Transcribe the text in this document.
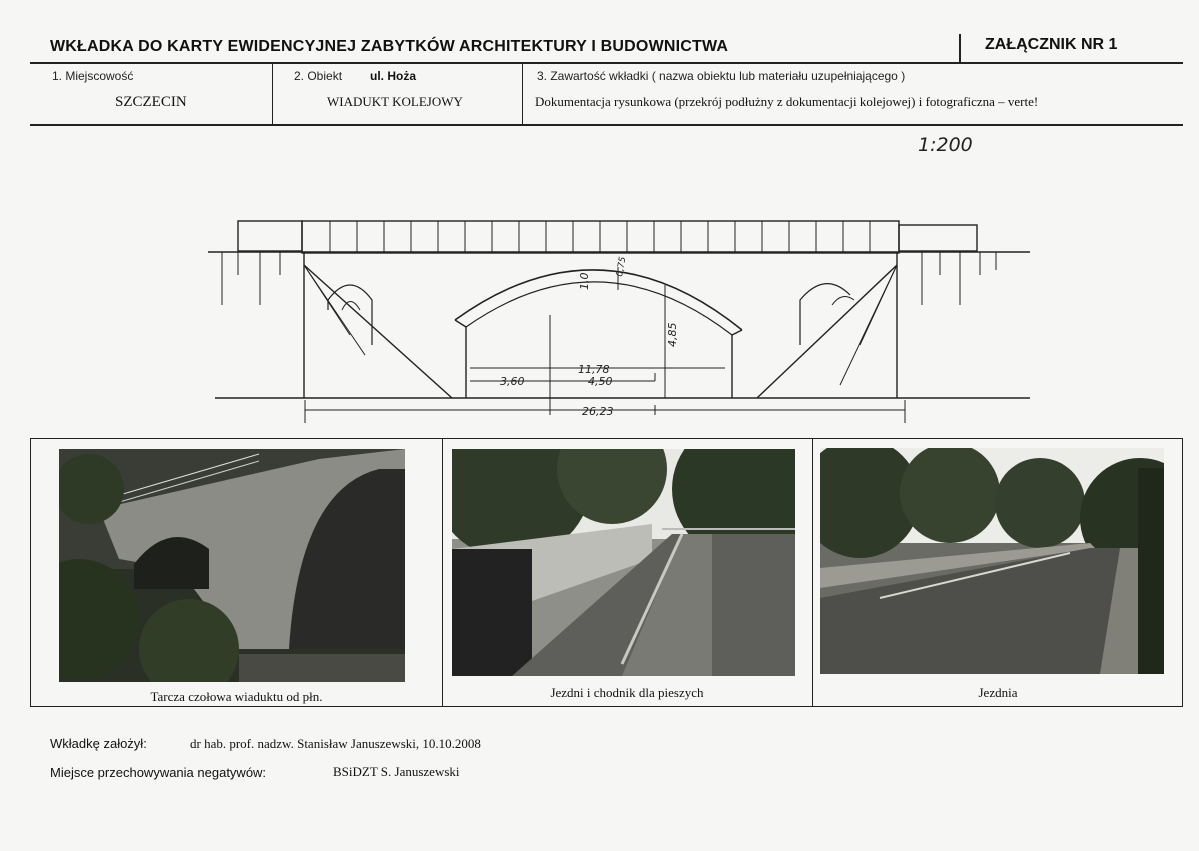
WKŁADKA DO KARTY EWIDENCYJNEJ ZABYTKÓW ARCHITEKTURY I BUDOWNICTWA	ZAŁĄCZNIK NR 1
1. Miejscowość
SZCZECIN
2. Obiekt ul. Hoża
WIADUKT KOLEJOWY
3. Zawartość wkładki ( nazwa obiektu lub materiału uzupełniającego )
Dokumentacja rysunkowa (przekrój podłużny z dokumentacji kolejowej) i fotograficzna – verte!
1:200
1,0
0,75
4,85
11,78
3,60	4,50
26,23
Tarcza czołowa wiaduktu od płn.	Jezdni i chodnik dla pieszych	Jezdnia
Wkładkę założył:	dr hab. prof. nadzw. Stanisław Januszewski, 10.10.2008
Miejsce przechowywania negatywów:	BSiDZT S. Januszewski
